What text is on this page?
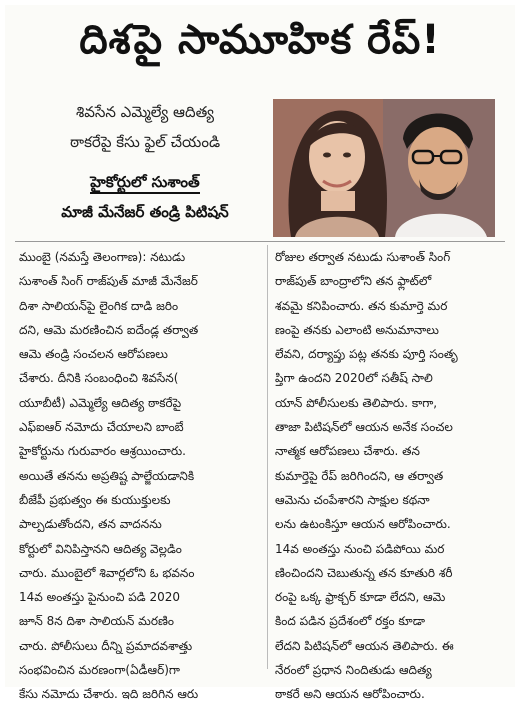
దిశపై సామూహిక రేప్!
శివసేన ఎమ్మెల్యే ఆదిత్య
ఠాకరేపై కేసు ఫైల్ చేయండి
హైకోర్టులో సుశాంత్
మాజీ మేనేజర్ తండ్రి పిటిషన్
ముంబై (నమస్తే తెలంగాణ): నటుడు
సుశాంత్ సింగ్ రాజ్‌పుత్ మాజీ మేనేజర్
దిశా సాలియన్‌పై లైంగిక దాడి జరిం
దని, ఆమె మరణించిన ఐదేండ్ల తర్వాత
ఆమె తండ్రి సంచలన ఆరోపణలు
చేశారు. దీనికి సంబంధించి శివసేన(
యూబీటీ) ఎమ్మెల్యే ఆదిత్య ఠాకరేపై
ఎఫ్‌ఐఆర్ నమోదు చేయాలని బాంబే
హైకోర్టును గురువారం ఆశ్రయించారు.
అయితే తనను అప్రతిష్ట పాల్జేయడానికి
బీజేపీ ప్రభుత్వం ఈ కుయుక్తులకు
పాల్పడుతోందని, తన వాదనను
కోర్టులో వినిపిస్తానని ఆదిత్య వెల్లడిం
చారు. ముంబైలో శివార్లలోని ఓ భవనం
14వ అంతస్తు పైనుంచి పడి 2020
జూన్ 8న దిశా సాలియన్ మరణిం
చారు. పోలీసులు దీన్ని ప్రమాదవశాత్తు
సంభవించిన మరణంగా(ఏడీఆర్)గా
కేసు నమోదు చేశారు. ఇది జరిగిన ఆరు
రోజుల తర్వాత నటుడు సుశాంత్ సింగ్
రాజ్‌పుత్ బాంద్రాలోని తన ఫ్లాట్‌లో
శవమై కనిపించారు. తన కుమార్తె మర
ణంపై తనకు ఎలాంటి అనుమానాలు
లేవని, దర్యాప్తు పట్ల తనకు పూర్తి సంతృ
ప్తిగా ఉందని 2020లో సతీష్ సాలి
యాన్ పోలీసులకు తెలిపారు. కాగా,
తాజా పిటిషన్‌లో ఆయన అనేక సంచల
నాత్మక ఆరోపణలు చేశారు. తన
కుమార్తెపై రేప్ జరిగిందని, ఆ తర్వాత
ఆమెను చంపేశారని సాక్షుల కథనా
లను ఉటంకిస్తూ ఆయన ఆరోపించారు.
14వ అంతస్తు నుంచి పడిపోయి మర
ణించిందని చెబుతున్న తన కూతురి శరీ
రంపై ఒక్క ఫ్రాక్చర్ కూడా లేదని, ఆమె
కింద పడిన ప్రదేశంలో రక్తం కూడా
లేదని పిటిషన్‌లో ఆయన తెలిపారు. ఈ
నేరంలో ప్రధాన నిందితుడు ఆదిత్య
ఠాకరే అని ఆయన ఆరోపించారు.
